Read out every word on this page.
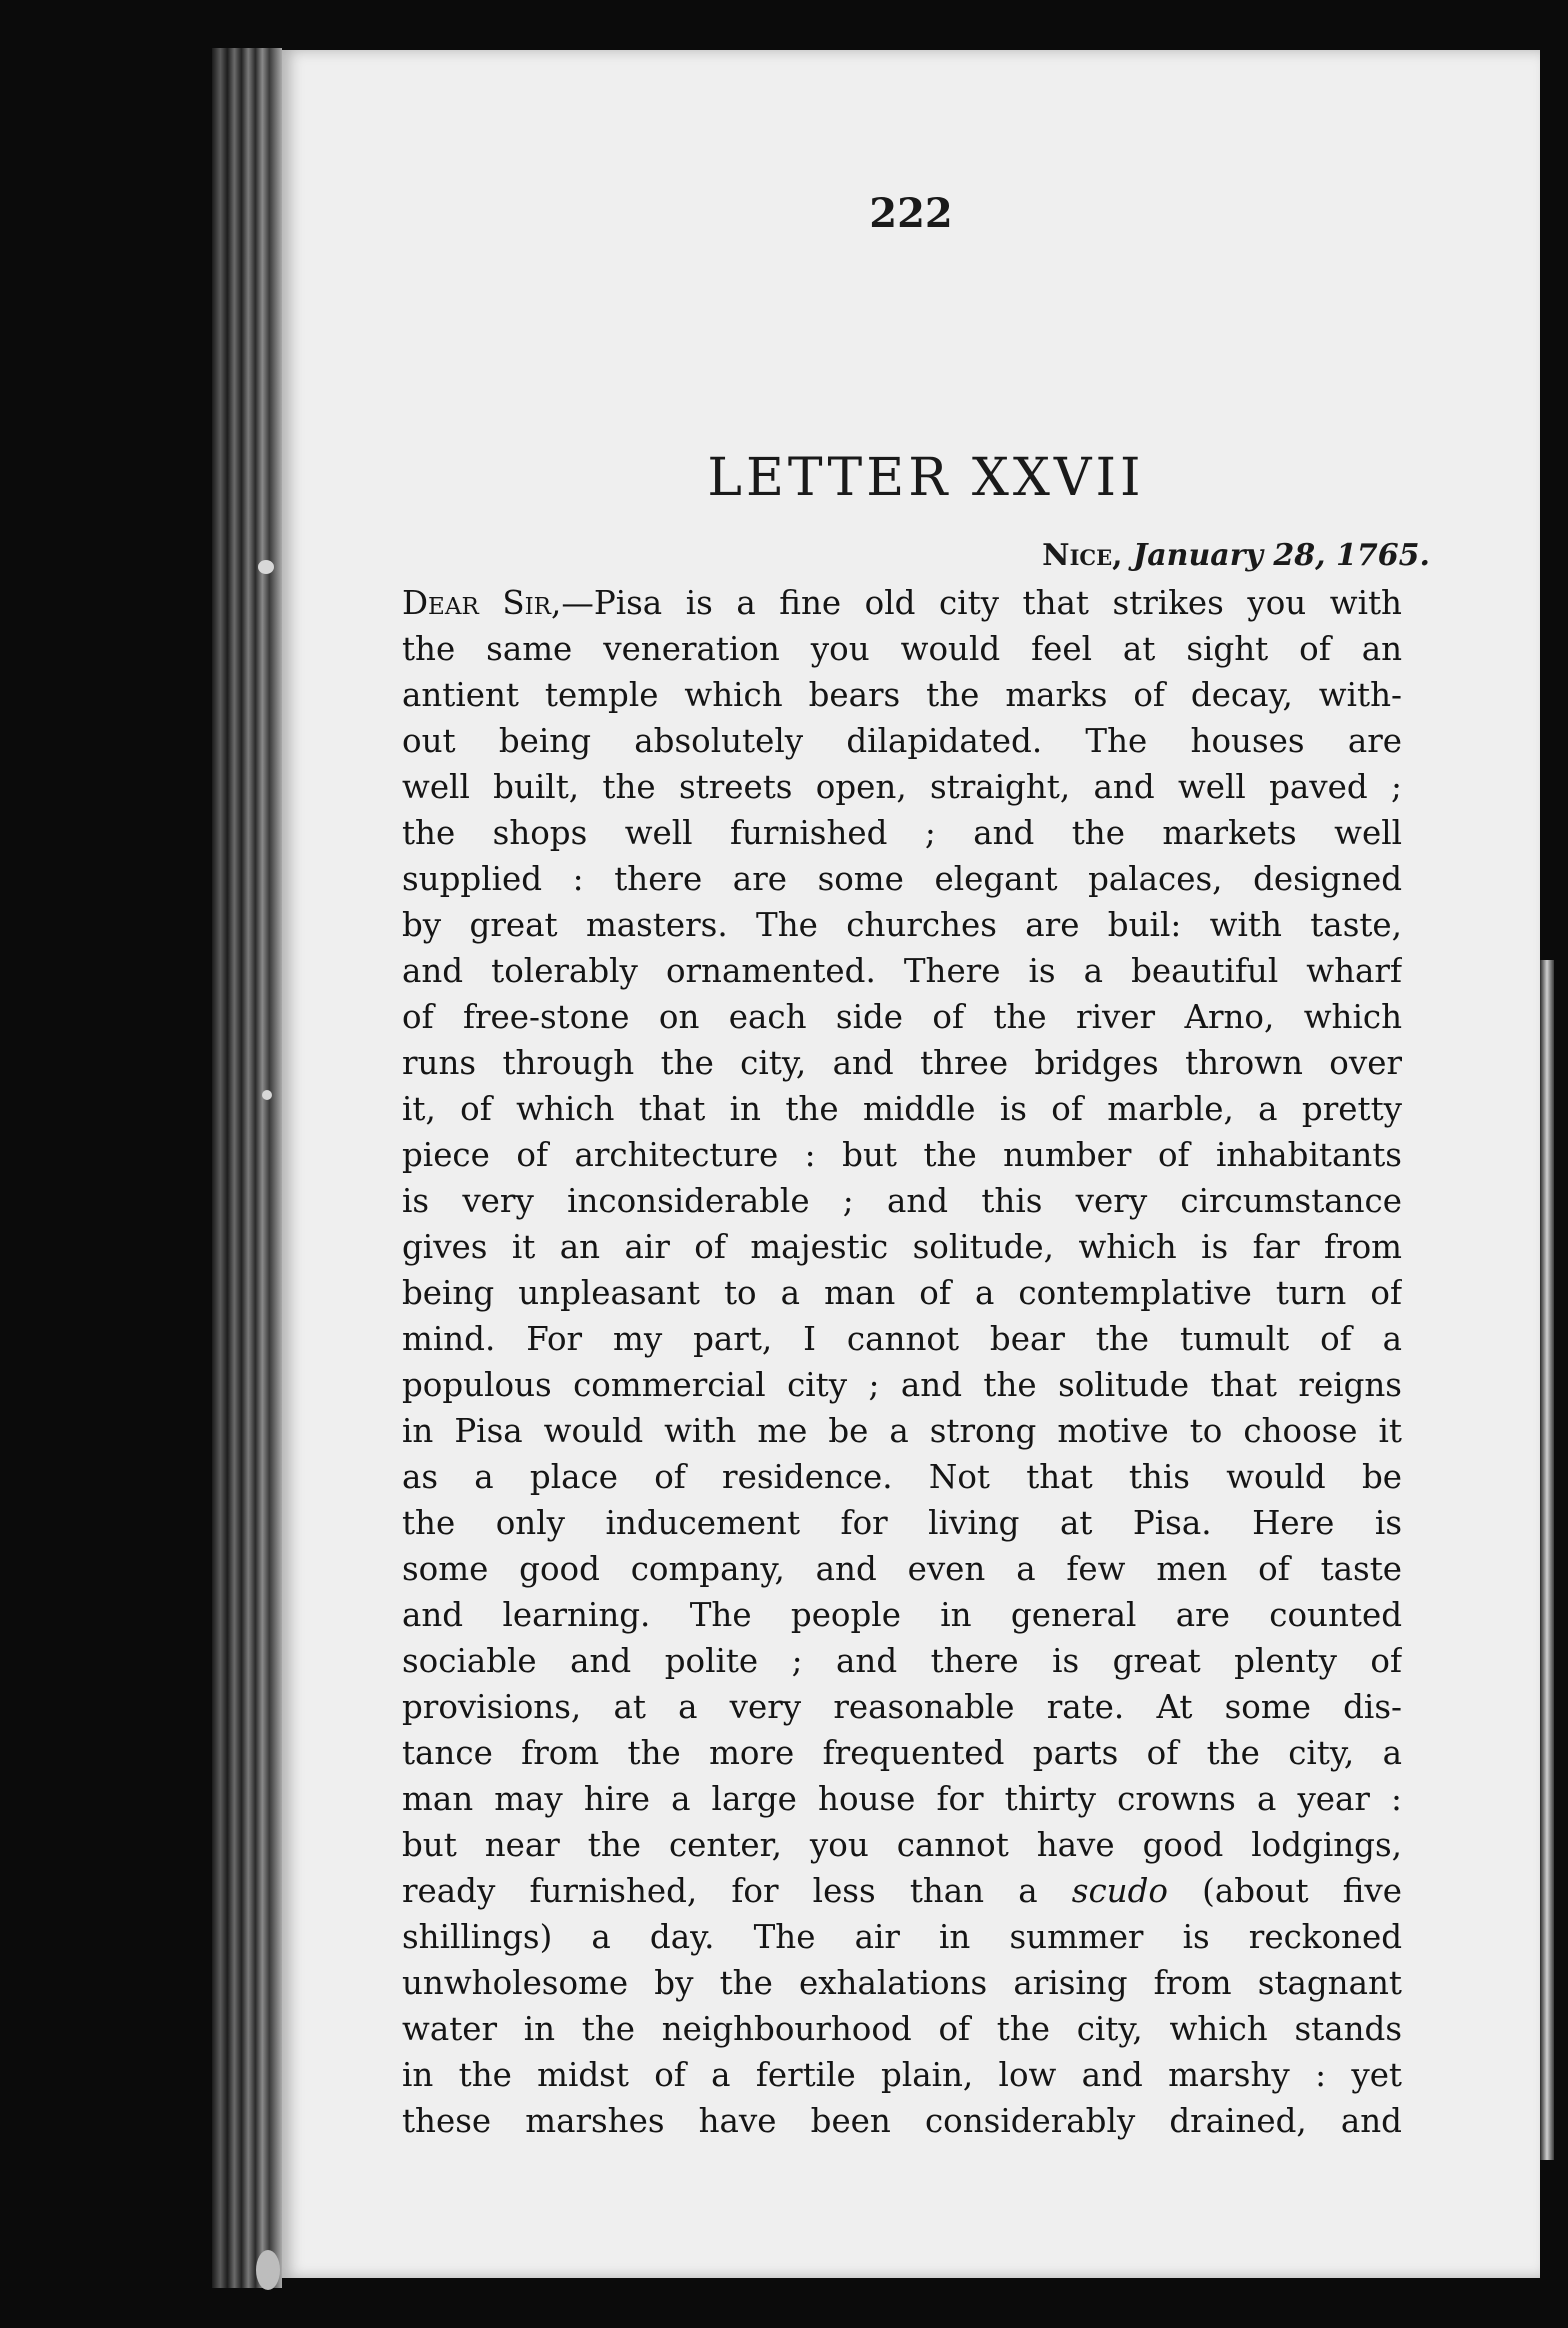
222
LETTER XXVII
Nice, January 28, 1765.
Dear Sir,—Pisa is a fine old city that strikes you with
the same veneration you would feel at sight of an
antient temple which bears the marks of decay, with-
out being absolutely dilapidated. The houses are
well built, the streets open, straight, and well paved ;
the shops well furnished ; and the markets well
supplied : there are some elegant palaces, designed
by great masters. The churches are buil: with taste,
and tolerably ornamented. There is a beautiful wharf
of free-stone on each side of the river Arno, which
runs through the city, and three bridges thrown over
it, of which that in the middle is of marble, a pretty
piece of architecture : but the number of inhabitants
is very inconsiderable ; and this very circumstance
gives it an air of majestic solitude, which is far from
being unpleasant to a man of a contemplative turn of
mind. For my part, I cannot bear the tumult of a
populous commercial city ; and the solitude that reigns
in Pisa would with me be a strong motive to choose it
as a place of residence. Not that this would be
the only inducement for living at Pisa. Here is
some good company, and even a few men of taste
and learning. The people in general are counted
sociable and polite ; and there is great plenty of
provisions, at a very reasonable rate. At some dis-
tance from the more frequented parts of the city, a
man may hire a large house for thirty crowns a year :
but near the center, you cannot have good lodgings,
ready furnished, for less than a scudo (about five
shillings) a day. The air in summer is reckoned
unwholesome by the exhalations arising from stagnant
water in the neighbourhood of the city, which stands
in the midst of a fertile plain, low and marshy : yet
these marshes have been considerably drained, and
